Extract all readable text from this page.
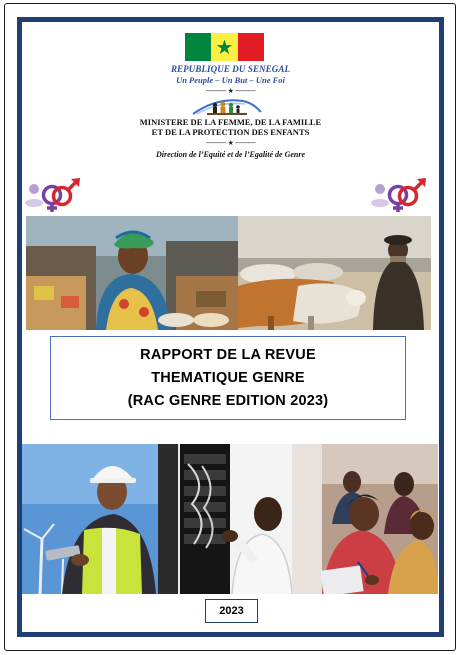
★
REPUBLIQUE DU SENEGAL
Un Peuple – Un But – Une Foi
---------- ★ ----------
MINISTERE DE LA FEMME, DE LA FAMILLE
ET DE LA PROTECTION DES ENFANTS
---------- ★ ----------
Direction de l’Equité et de l’Egalité de Genre
RAPPORT DE LA REVUE
THEMATIQUE GENRE
(RAC GENRE EDITION 2023)
2023
